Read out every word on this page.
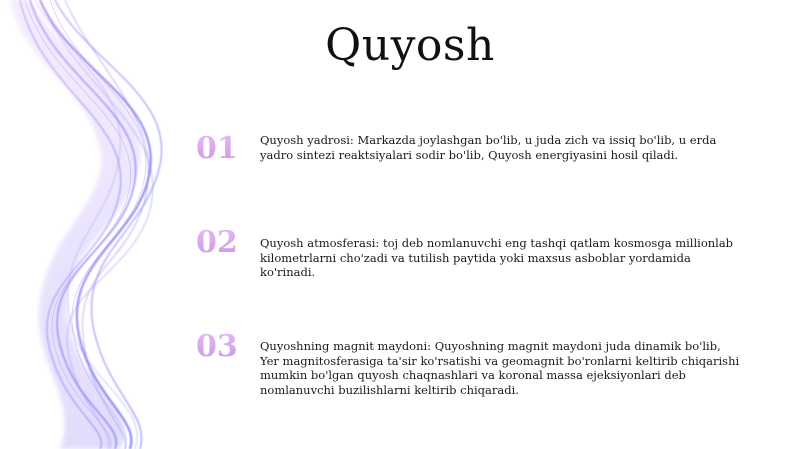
Quyosh
01 Quyosh yadrosi: Markazda joylashgan bo'lib, u juda zich va issiq bo'lib, u erda yadro sintezi reaktsiyalari sodir bo'lib, Quyosh energiyasini hosil qiladi.
02 Quyosh atmosferasi: toj deb nomlanuvchi eng tashqi qatlam kosmosga millionlab kilometrlarni cho'zadi va tutilish paytida yoki maxsus asboblar yordamida ko'rinadi.
03 Quyoshning magnit maydoni: Quyoshning magnit maydoni juda dinamik bo'lib, Yer magnitosferasiga ta'sir ko'rsatishi va geomagnit bo'ronlarni keltirib chiqarishi mumkin bo'lgan quyosh chaqnashlari va koronal massa ejeksiyonlari deb nomlanuvchi buzilishlarni keltirib chiqaradi.
